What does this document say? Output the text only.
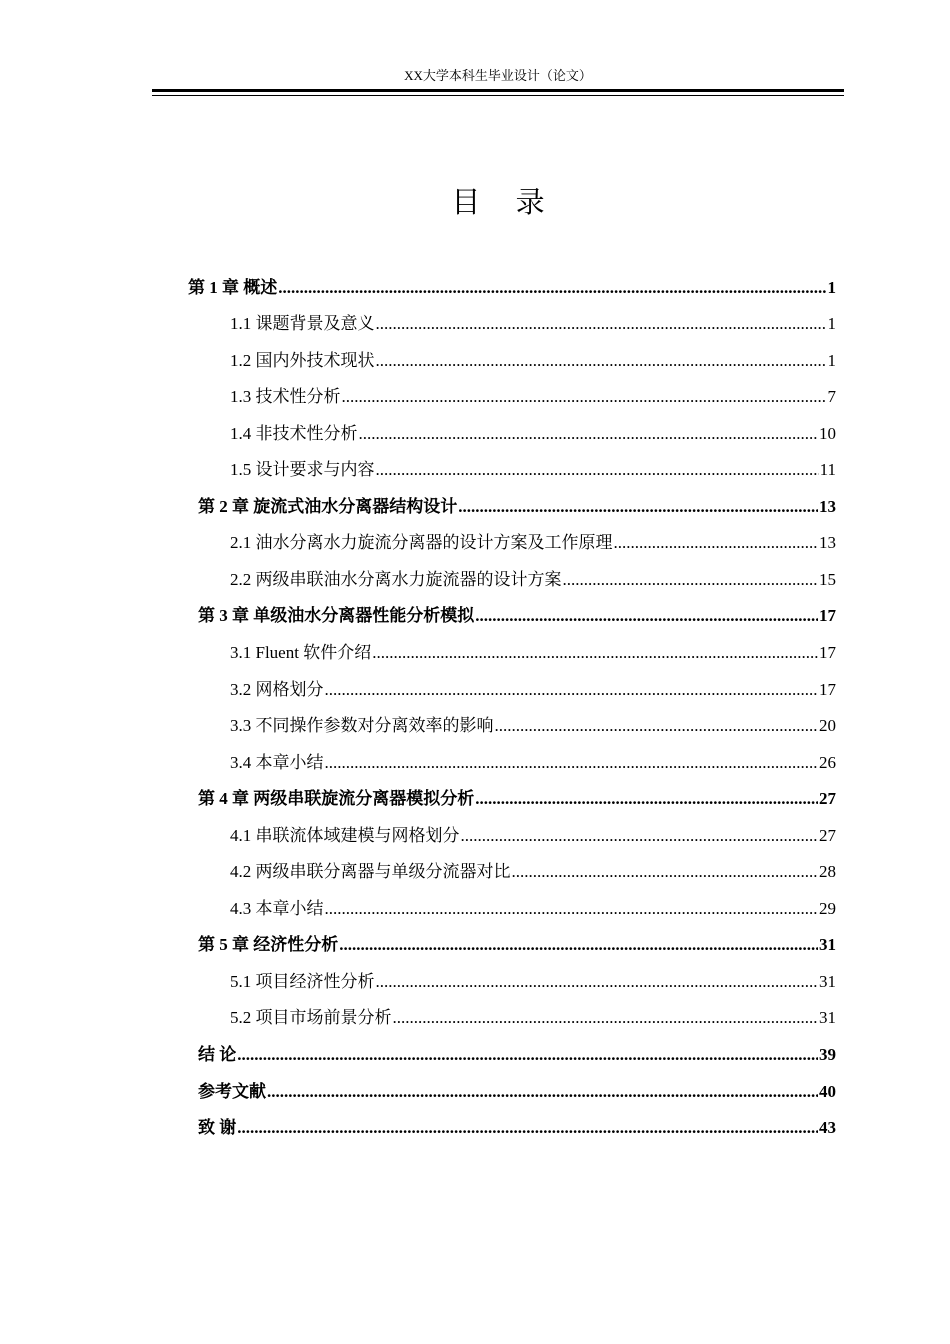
XX大学本科生毕业设计（论文）
目 录
第 1 章 概述 .....	1
1.1 课题背景及意义 .....	1
1.2 国内外技术现状 .....	1
1.3 技术性分析 .....	7
1.4 非技术性分析 .....	10
1.5 设计要求与内容 .....	11
第 2 章 旋流式油水分离器结构设计 .....	13
2.1 油水分离水力旋流分离器的设计方案及工作原理 .....	13
2.2 两级串联油水分离水力旋流器的设计方案 .....	15
第 3 章 单级油水分离器性能分析模拟 .....	17
3.1 Fluent 软件介绍 .....	17
3.2 网格划分 .....	17
3.3 不同操作参数对分离效率的影响 .....	20
3.4 本章小结 .....	26
第 4 章 两级串联旋流分离器模拟分析 .....	27
4.1 串联流体域建模与网格划分 .....	27
4.2 两级串联分离器与单级分流器对比 .....	28
4.3 本章小结 .....	29
第 5 章 经济性分析 .....	31
5.1 项目经济性分析 .....	31
5.2 项目市场前景分析 .....	31
结 论 .....	39
参考文献 .....	40
致 谢 .....	43
